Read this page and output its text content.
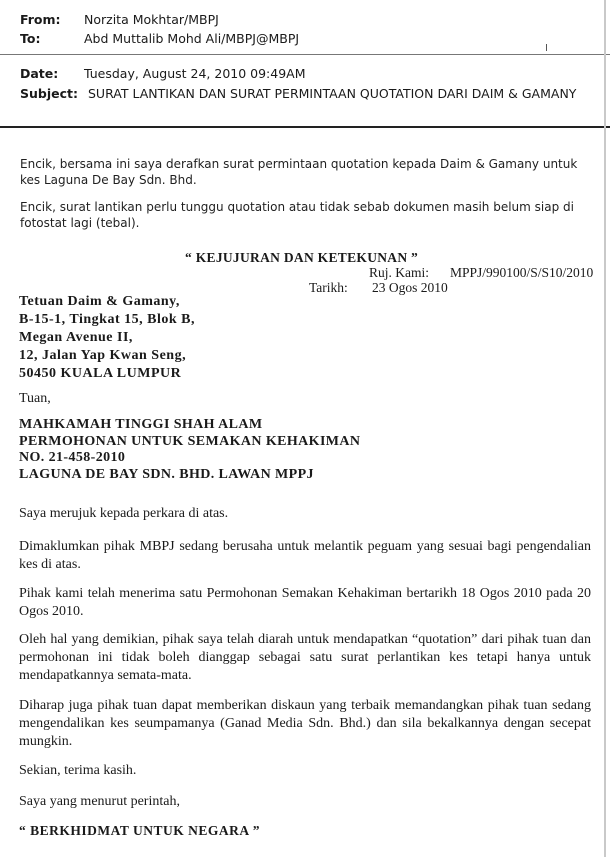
From: Norzita Mokhtar/MBPJ
To:	Abd Muttalib Mohd Ali/MBPJ@MBPJ
Date: Tuesday, August 24, 2010 09:49AM
Subject: SURAT LANTIKAN DAN SURAT PERMINTAAN QUOTATION DARI DAIM & GAMANY
Encik, bersama ini saya derafkan surat permintaan quotation kepada Daim & Gamany untuk kes Laguna De Bay Sdn. Bhd.
Encik, surat lantikan perlu tunggu quotation atau tidak sebab dokumen masih belum siap di fotostat lagi (tebal).
“ KEJUJURAN DAN KETEKUNAN ”
Ruj. Kami: MPPJ/990100/S/S10/2010
Tarikh: 23 Ogos 2010
Tetuan Daim & Gamany,
B-15-1, Tingkat 15, Blok B,
Megan Avenue II,
12, Jalan Yap Kwan Seng,
50450 KUALA LUMPUR
Tuan,
MAHKAMAH TINGGI SHAH ALAM
PERMOHONAN UNTUK SEMAKAN KEHAKIMAN
NO. 21-458-2010
LAGUNA DE BAY SDN. BHD. LAWAN MPPJ
Saya merujuk kepada perkara di atas.
Dimaklumkan pihak MBPJ sedang berusaha untuk melantik peguam yang sesuai bagi pengendalian kes di atas.
Pihak kami telah menerima satu Permohonan Semakan Kehakiman bertarikh 18 Ogos 2010 pada 20 Ogos 2010.
Oleh hal yang demikian, pihak saya telah diarah untuk mendapatkan “quotation” dari pihak tuan dan permohonan ini tidak boleh dianggap sebagai satu surat perlantikan kes tetapi hanya untuk mendapatkannya semata-mata.
Diharap juga pihak tuan dapat memberikan diskaun yang terbaik memandangkan pihak tuan sedang mengendalikan kes seumpamanya (Ganad Media Sdn. Bhd.) dan sila bekalkannya dengan secepat mungkin.
Sekian, terima kasih.
Saya yang menurut perintah,
“ BERKHIDMAT UNTUK NEGARA ”
